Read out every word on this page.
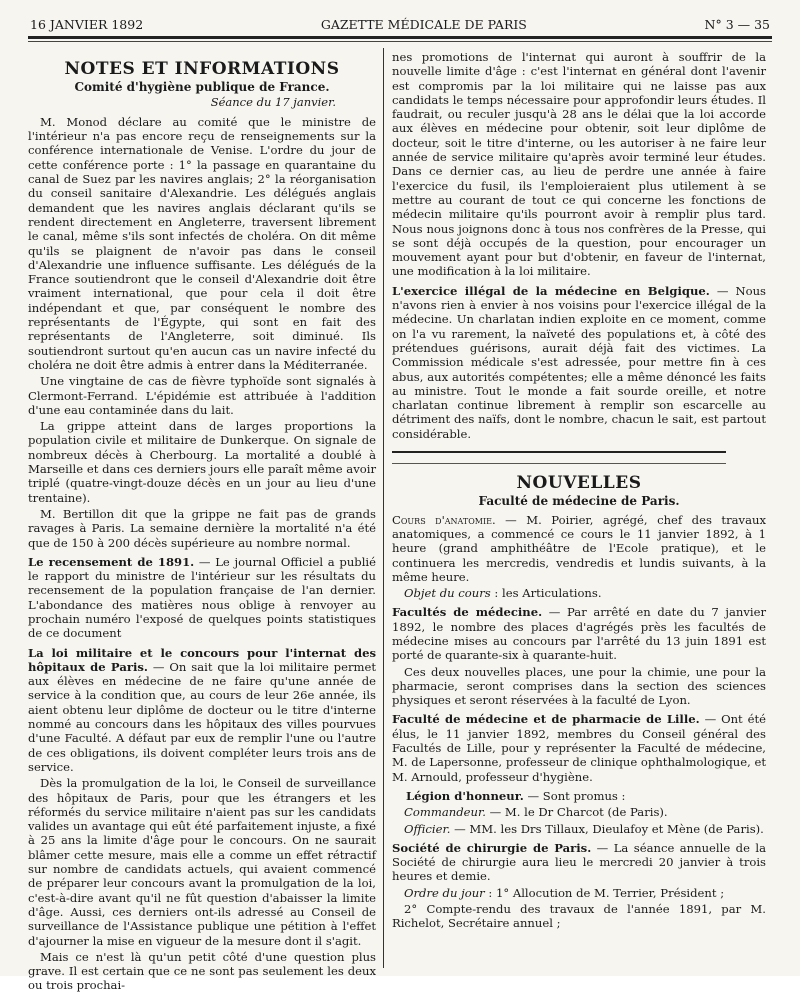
16 JANVIER 1892	GAZETTE MÉDICALE DE PARIS	N° 3 — 35
NOTES ET INFORMATIONS
Comité d'hygiène publique de France.
Séance du 17 janvier.

M. Monod déclare au comité que le ministre de l'intérieur n'a pas encore reçu de renseignements sur la conférence internationale de Venise. L'ordre du jour de cette conférence porte : 1° la passage en quarantaine du canal de Suez par les navires anglais; 2° la réorganisation du conseil sanitaire d'Alexandrie. Les délégués anglais demandent que les navires anglais déclarant qu'ils se rendent directement en Angleterre, traversent librement le canal, même s'ils sont infectés de choléra. On dit même qu'ils se plaignent de n'avoir pas dans le conseil d'Alexandrie une influence suffisante. Les délégués de la France soutiendront que le conseil d'Alexandrie doit être vraiment international, que pour cela il doit être indépendant et que, par conséquent le nombre des représentants de l'Égypte, qui sont en fait des représentants de l'Angleterre, soit diminué. Ils soutiendront surtout qu'en aucun cas un navire infecté du choléra ne doit être admis à entrer dans la Méditerranée.

Une vingtaine de cas de fièvre typhoïde sont signalés à Clermont-Ferrand. L'épidémie est attribuée à l'addition d'une eau contaminée dans du lait.

La grippe atteint dans de larges proportions la population civile et militaire de Dunkerque. On signale de nombreux décès à Cherbourg. La mortalité a doublé à Marseille et dans ces derniers jours elle paraît même avoir triplé (quatre-vingt-douze décès en un jour au lieu d'une trentaine).

M. Bertillon dit que la grippe ne fait pas de grands ravages à Paris. La semaine dernière la mortalité n'a été que de 150 à 200 décès supérieure au nombre normal.

Le recensement de 1891. — Le journal Officiel a publié le rapport du ministre de l'intérieur sur les résultats du recensement de la population française de l'an dernier. L'abondance des matières nous oblige à renvoyer au prochain numéro l'exposé de quelques points statistiques de ce document

La loi militaire et le concours pour l'internat des hôpitaux de Paris. — On sait que la loi militaire permet aux élèves en médecine de ne faire qu'une année de service à la condition que, au cours de leur 26e année, ils aient obtenu leur diplôme de docteur ou le titre d'interne nommé au concours dans les hôpitaux des villes pourvues d'une Faculté. A défaut par eux de remplir l'une ou l'autre de ces obligations, ils doivent compléter leurs trois ans de service.

Dès la promulgation de la loi, le Conseil de surveillance des hôpitaux de Paris, pour que les étrangers et les réformés du service militaire n'aient pas sur les candidats valides un avantage qui eût été parfaitement injuste, a fixé à 25 ans la limite d'âge pour le concours. On ne saurait blâmer cette mesure, mais elle a comme un effet rétractif sur nombre de candidats actuels, qui avaient commencé de préparer leur concours avant la promulgation de la loi, c'est-à-dire avant qu'il ne fût question d'abaisser la limite d'âge. Aussi, ces derniers ont-ils adressé au Conseil de surveillance de l'Assistance publique une pétition à l'effet d'ajourner la mise en vigueur de la mesure dont il s'agit.

Mais ce n'est là qu'un petit côté d'une question plus grave. Il est certain que ce ne sont pas seulement les deux ou trois prochai-

nes promotions de l'internat qui auront à souffrir de la nouvelle limite d'âge : c'est l'internat en général dont l'avenir est compromis par la loi militaire qui ne laisse pas aux candidats le temps nécessaire pour approfondir leurs études. Il faudrait, ou reculer jusqu'à 28 ans le délai que la loi accorde aux élèves en médecine pour obtenir, soit leur diplôme de docteur, soit le titre d'interne, ou les autoriser à ne faire leur année de service militaire qu'après avoir terminé leur études. Dans ce dernier cas, au lieu de perdre une année à faire l'exercice du fusil, ils l'emploieraient plus utilement à se mettre au courant de tout ce qui concerne les fonctions de médecin militaire qu'ils pourront avoir à remplir plus tard. Nous nous joignons donc à tous nos confrères de la Presse, qui se sont déjà occupés de la question, pour encourager un mouvement ayant pour but d'obtenir, en faveur de l'internat, une modification à la loi militaire.

L'exercice illégal de la médecine en Belgique. — Nous n'avons rien à envier à nos voisins pour l'exercice illégal de la médecine. Un charlatan indien exploite en ce moment, comme on l'a vu rarement, la naïveté des populations et, à côté des prétendues guérisons, aurait déjà fait des victimes. La Commission médicale s'est adressée, pour mettre fin à ces abus, aux autorités compétentes; elle a même dénoncé les faits au ministre. Tout le monde a fait sourde oreille, et notre charlatan continue librement à remplir son escarcelle au détriment des naïfs, dont le nombre, chacun le sait, est partout considérable.

NOUVELLES
Faculté de médecine de Paris.

Cours d'anatomie. — M. Poirier, agrégé, chef des travaux anatomiques, a commencé ce cours le 11 janvier 1892, à 1 heure (grand amphithéâtre de l'Ecole pratique), et le continuera les mercredis, vendredis et lundis suivants, à la même heure.

Objet du cours : les Articulations.

Facultés de médecine. — Par arrêté en date du 7 janvier 1892, le nombre des places d'agrégés près les facultés de médecine mises au concours par l'arrêté du 13 juin 1891 est porté de quarante-six à quarante-huit.

Ces deux nouvelles places, une pour la chimie, une pour la pharmacie, seront comprises dans la section des sciences physiques et seront réservées à la faculté de Lyon.

Faculté de médecine et de pharmacie de Lille. — Ont été élus, le 11 janvier 1892, membres du Conseil général des Facultés de Lille, pour y représenter la Faculté de médecine, M. de Lapersonne, professeur de clinique ophthalmologique, et M. Arnould, professeur d'hygiène.

Légion d'honneur. — Sont promus :

Commandeur. — M. le Dr Charcot (de Paris).

Officier. — MM. les Drs Tillaux, Dieulafoy et Mène (de Paris).

Société de chirurgie de Paris. — La séance annuelle de la Société de chirurgie aura lieu le mercredi 20 janvier à trois heures et demie.

Ordre du jour : 1° Allocution de M. Terrier, Président ;

2° Compte-rendu des travaux de l'année 1891, par M. Richelot, Secrétaire annuel ;
